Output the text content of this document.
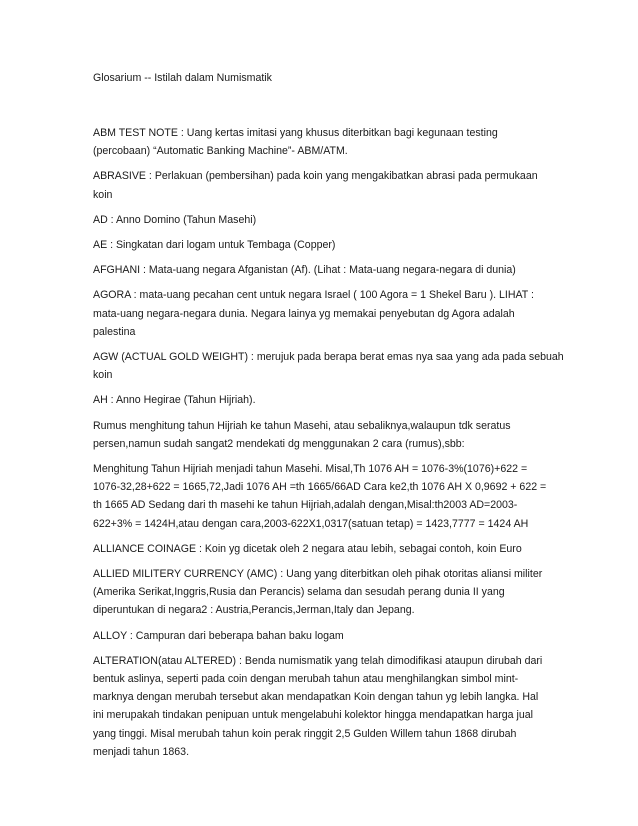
Glosarium -- Istilah dalam Numismatik

ABM TEST NOTE : Uang kertas imitasi yang khusus diterbitkan bagi kegunaan testing
(percobaan) “Automatic Banking Machine”- ABM/ATM.

ABRASIVE : Perlakuan (pembersihan) pada koin yang mengakibatkan abrasi pada permukaan
koin

AD : Anno Domino (Tahun Masehi)

AE : Singkatan dari logam untuk Tembaga (Copper)

AFGHANI : Mata-uang negara Afganistan (Af). (Lihat : Mata-uang negara-negara di dunia)

AGORA : mata-uang pecahan cent untuk negara Israel ( 100 Agora = 1 Shekel Baru ). LIHAT :
mata-uang negara-negara dunia. Negara lainya yg memakai penyebutan dg Agora adalah
palestina

AGW (ACTUAL GOLD WEIGHT) : merujuk pada berapa berat emas nya saa yang ada pada sebuah
koin

AH : Anno Hegirae (Tahun Hijriah).

Rumus menghitung tahun Hijriah ke tahun Masehi, atau sebaliknya,walaupun tdk seratus
persen,namun sudah sangat2 mendekati dg menggunakan 2 cara (rumus),sbb:

Menghitung Tahun Hijriah menjadi tahun Masehi. Misal,Th 1076 AH = 1076-3%(1076)+622 =
1076-32,28+622 = 1665,72,Jadi 1076 AH =th 1665/66AD Cara ke2,th 1076 AH X 0,9692 + 622 =
th 1665 AD Sedang dari th masehi ke tahun Hijriah,adalah dengan,Misal:th2003 AD=2003-
622+3% = 1424H,atau dengan cara,2003-622X1,0317(satuan tetap) = 1423,7777 = 1424 AH

ALLIANCE COINAGE : Koin yg dicetak oleh 2 negara atau lebih, sebagai contoh, koin Euro

ALLIED MILITERY CURRENCY (AMC) : Uang yang diterbitkan oleh pihak otoritas aliansi militer
(Amerika Serikat,Inggris,Rusia dan Perancis) selama dan sesudah perang dunia II yang
diperuntukan di negara2 : Austria,Perancis,Jerman,Italy dan Jepang.

ALLOY : Campuran dari beberapa bahan baku logam

ALTERATION(atau ALTERED) : Benda numismatik yang telah dimodifikasi ataupun dirubah dari
bentuk aslinya, seperti pada coin dengan merubah tahun atau menghilangkan simbol mint-
marknya dengan merubah tersebut akan mendapatkan Koin dengan tahun yg lebih langka. Hal
ini merupakah tindakan penipuan untuk mengelabuhi kolektor hingga mendapatkan harga jual
yang tinggi. Misal merubah tahun koin perak ringgit 2,5 Gulden Willem tahun 1868 dirubah
menjadi tahun 1863.
